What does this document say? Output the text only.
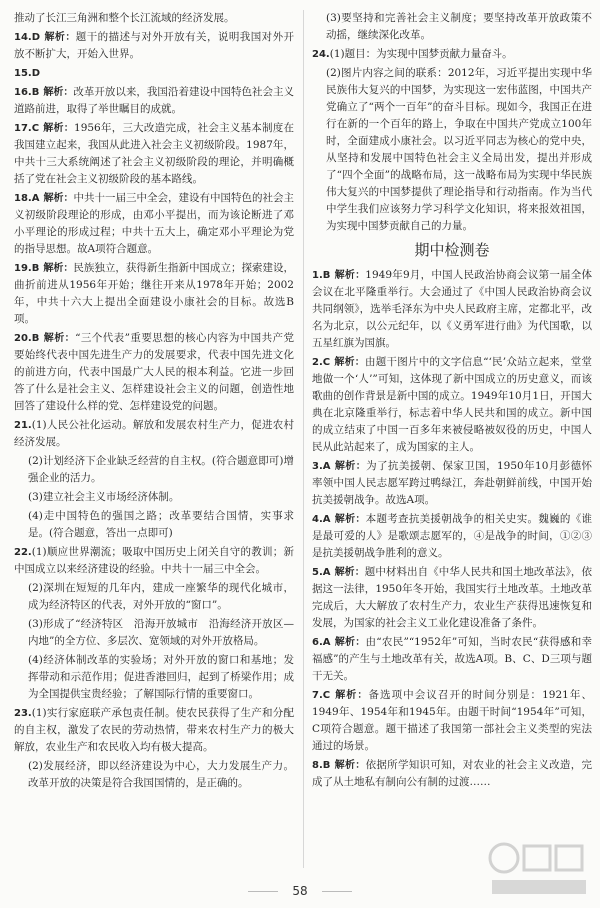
推动了长江三角洲和整个长江流域的经济发展。
14.D 解析：题干的描述与对外开放有关，说明我国对外开放不断扩大，开始入世界。
15.D
16.B 解析：改革开放以来，我国沿着建设中国特色社会主义道路前进，取得了举世瞩目的成就。
17.C 解析：1956年，三大改造完成，社会主义基本制度在我国建立起来，我国从此进入社会主义初级阶段。1987年，中共十三大系统阐述了社会主义初级阶段的理论，并明确概括了党在社会主义初级阶段的基本路线。
18.A 解析：中共十一届三中全会，建设有中国特色的社会主义初级阶段理论的形成，由邓小平提出，而为该论断进了邓小平理论的形成过程；中共十五大上，确定邓小平理论为党的指导思想。故A项符合题意。
19.B 解析：民族独立，获得新生指新中国成立；探索建设，曲折前进从1956年开始；继往开来从1978年开始；2002年，中共十六大上提出全面建设小康社会的目标。故选B项。
20.B 解析：“三个代表”重要思想的核心内容为中国共产党要始终代表中国先进生产力的发展要求，代表中国先进文化的前进方向，代表中国最广大人民的根本利益。它进一步回答了什么是社会主义、怎样建设社会主义的问题，创造性地回答了建设什么样的党、怎样建设党的问题。
21.(1)人民公社化运动。解放和发展农村生产力，促进农村经济发展。
(2)计划经济下企业缺乏经营的自主权。(符合题意即可)增强企业的活力。
(3)建立社会主义市场经济体制。
(4)走中国特色的强国之路；改革要结合国情，实事求是。(符合题意，答出一点即可)
22.(1)顺应世界潮流；吸取中国历史上闭关自守的教训；新中国成立以来经济建设的经验。中共十一届三中全会。
(2)深圳在短短的几年内，建成一座繁华的现代化城市，成为经济特区的代表，对外开放的“窗口”。
(3)形成了“经济特区　沿海开放城市　沿海经济开放区—内地”的全方位、多层次、宽领域的对外开放格局。
(4)经济体制改革的实验场；对外开放的窗口和基地；发挥带动和示范作用；促进香港回归，起到了桥梁作用；成为全国提供宝贵经验；了解国际行情的重要窗口。
23.(1)实行家庭联产承包责任制。使农民获得了生产和分配的自主权，激发了农民的劳动热情，带来农村生产力的极大解放，农业生产和农民收入均有极大提高。
(2)发展经济，即以经济建设为中心，大力发展生产力。改革开放的决策是符合我国国情的，是正确的。
(3)要坚持和完善社会主义制度；要坚持改革开放政策不动摇，继续深化改革。
24.(1)题目：为实现中国梦贡献力量奋斗。
(2)图片内容之间的联系：2012年，习近平提出实现中华民族伟大复兴的中国梦，为实现这一宏伟蓝图，中国共产党确立了“两个一百年”的奋斗目标。现如今，我国正在进行在新的一个百年的路上，争取在中国共产党成立100年时，全面建成小康社会。以习近平同志为核心的党中央，从坚持和发展中国特色社会主义全局出发，提出并形成了“四个全面”的战略布局，这一战略布局为实现中华民族伟大复兴的中国梦提供了理论指导和行动指南。作为当代中学生我们应该努力学习科学文化知识，将来报效祖国，为实现中国梦贡献自己的力量。
期中检测卷
1.B 解析：1949年9月，中国人民政治协商会议第一届全体会议在北平隆重举行。大会通过了《中国人民政治协商会议共同纲领》，选举毛泽东为中央人民政府主席，定都北平，改名为北京，以公元纪年，以《义勇军进行曲》为代国歌，以五星红旗为国旗。
2.C 解析：由题干图片中的文字信息“‘民’众站立起来，堂堂地做一个‘人’”可知，这体现了新中国成立的历史意义，而该歌曲的创作背景是新中国的成立。1949年10月1日，开国大典在北京隆重举行，标志着中华人民共和国的成立。新中国的成立结束了中国一百多年来被侵略被奴役的历史，中国人民从此站起来了，成为国家的主人。
3.A 解析：为了抗美援朝、保家卫国，1950年10月彭德怀率领中国人民志愿军跨过鸭绿江，奔赴朝鲜前线，中国开始抗美援朝战争。故选A项。
4.A 解析：本题考查抗美援朝战争的相关史实。魏巍的《谁是最可爱的人》是歌颂志愿军的，④是战争的时间，①②③是抗美援朝战争胜利的意义。
5.A 解析：题中材料出自《中华人民共和国土地改革法》，依据这一法律，1950年冬开始，我国实行土地改革。土地改革完成后，大大解放了农村生产力，农业生产获得迅速恢复和发展，为国家的社会主义工业化建设准备了条件。
6.A 解析：由“农民”“1952年”可知，当时农民“获得感和幸福感”的产生与土地改革有关，故选A项。B、C、D三项与题干无关。
7.C 解析：备选项中会议召开的时间分别是：1921年、1949年、1954年和1945年。由题干时间“1954年”可知，C项符合题意。题干描述了我国第一部社会主义类型的宪法通过的场景。
8.B 解析：依据所学知识可知，对农业的社会主义改造，完成了从土地私有制向公有制的过渡……
58
